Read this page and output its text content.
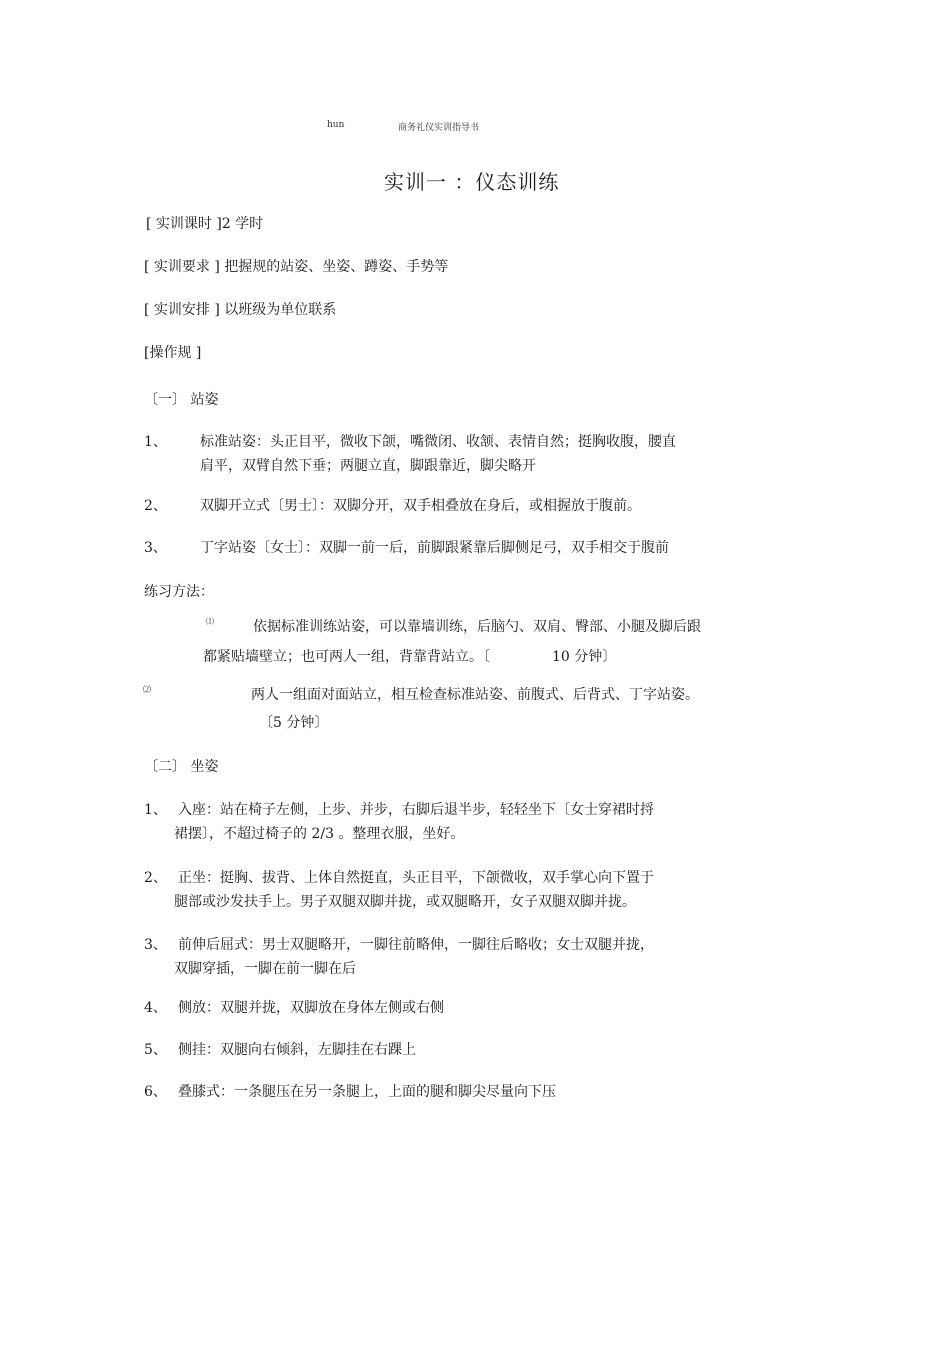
hun	商务礼仪实训指导书
实训一 ：仪态训练
[ 实训课时 ]2 学时
[ 实训要求 ] 把握规的站姿、坐姿、蹲姿、手势等
[ 实训安排 ] 以班级为单位联系
[操作规 ]
〔一〕 站姿
1、 标准站姿：头正目平，微收下颌，嘴微闭、收颔、表情自然；挺胸收腹，腰直
肩平，双臂自然下垂；两腿立直，脚跟靠近，脚尖略开
2、 双脚开立式〔男士〕：双脚分开，双手相叠放在身后，或相握放于腹前。
3、 丁字站姿〔女士〕：双脚一前一后，前脚跟紧靠后脚侧足弓，双手相交于腹前
练习方法：
⑴	依据标准训练站姿，可以靠墙训练，后脑勺、双肩、臀部、小腿及脚后跟
都紧贴墙壁立；也可两人一组，背靠背站立。〔	10 分钟〕
⑵	两人一组面对面站立，相互检查标准站姿、前腹式、后背式、丁字站姿。
〔5 分钟〕
〔二〕 坐姿
1、 入座：站在椅子左侧，上步、并步，右脚后退半步，轻轻坐下〔女士穿裙时捋
裙摆〕，不超过椅子的 2/3 。整理衣服，坐好。
2、 正坐：挺胸、拔背、上体自然挺直，头正目平，下颌微收，双手掌心向下置于
腿部或沙发扶手上。男子双腿双脚并拢，或双腿略开，女子双腿双脚并拢。
3、 前伸后屈式：男士双腿略开，一脚往前略伸，一脚往后略收；女士双腿并拢，
双脚穿插，一脚在前一脚在后
4、 侧放：双腿并拢，双脚放在身体左侧或右侧
5、 侧挂：双腿向右倾斜，左脚挂在右踝上
6、 叠膝式：一条腿压在另一条腿上，上面的腿和脚尖尽量向下压
